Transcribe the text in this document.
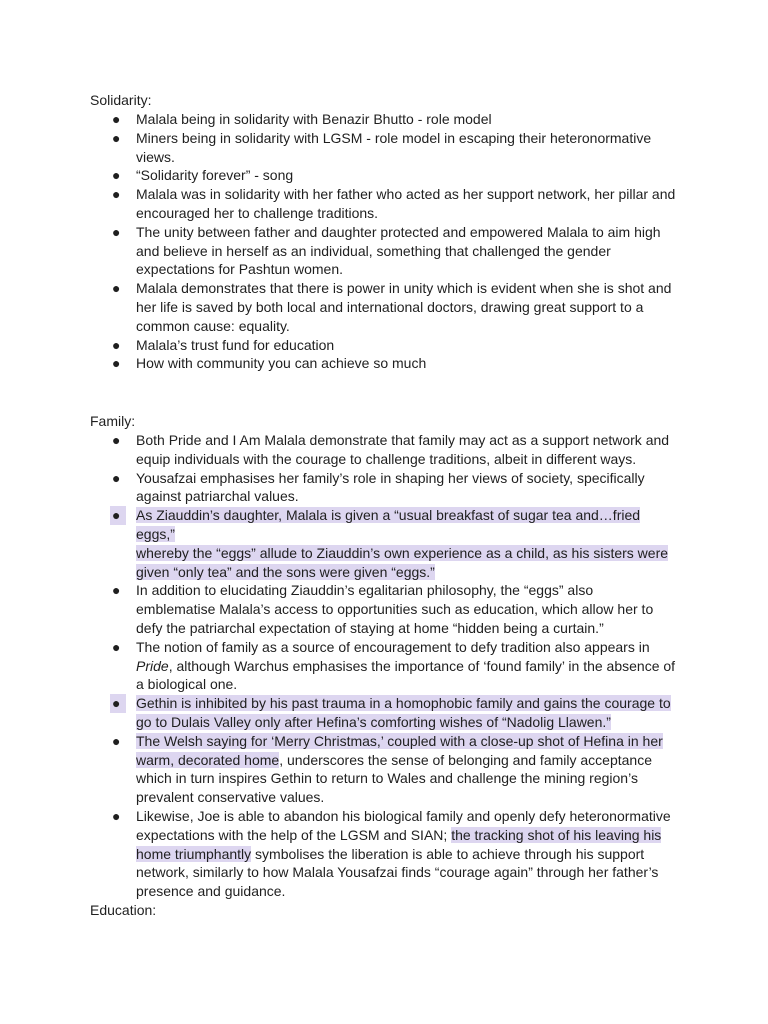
Solidarity:
● Malala being in solidarity with Benazir Bhutto - role model
● Miners being in solidarity with LGSM - role model in escaping their heteronormative views.
● “Solidarity forever” - song
● Malala was in solidarity with her father who acted as her support network, her pillar and encouraged her to challenge traditions.
● The unity between father and daughter protected and empowered Malala to aim high and believe in herself as an individual, something that challenged the gender expectations for Pashtun women.
● Malala demonstrates that there is power in unity which is evident when she is shot and her life is saved by both local and international doctors, drawing great support to a common cause: equality.
● Malala’s trust fund for education
● How with community you can achieve so much
Family:
● Both Pride and I Am Malala demonstrate that family may act as a support network and equip individuals with the courage to challenge traditions, albeit in different ways.
● Yousafzai emphasises her family’s role in shaping her views of society, specifically against patriarchal values.
●	As Ziauddin’s daughter, Malala is given a “usual breakfast of sugar tea and…fried eggs,”
whereby the “eggs” allude to Ziauddin’s own experience as a child, as his sisters were
given “only tea” and the sons were given “eggs.”
● In addition to elucidating Ziauddin’s egalitarian philosophy, the “eggs” also emblematise Malala’s access to opportunities such as education, which allow her to defy the patriarchal expectation of staying at home “hidden being a curtain.”
● The notion of family as a source of encouragement to defy tradition also appears in Pride, although Warchus emphasises the importance of ‘found family’ in the absence of a biological one.
●	Gethin is inhibited by his past trauma in a homophobic family and gains the courage to
go to Dulais Valley only after Hefina’s comforting wishes of “Nadolig Llawen.”
● The Welsh saying for ‘Merry Christmas,’ coupled with a close-up shot of Hefina in her
warm, decorated home, underscores the sense of belonging and family acceptance which in turn inspires Gethin to return to Wales and challenge the mining region’s prevalent conservative values.
● Likewise, Joe is able to abandon his biological family and openly defy heteronormative expectations with the help of the LGSM and SIAN; the tracking shot of his leaving his home triumphantly symbolises the liberation is able to achieve through his support network, similarly to how Malala Yousafzai finds “courage again” through her father’s presence and guidance.
Education:
